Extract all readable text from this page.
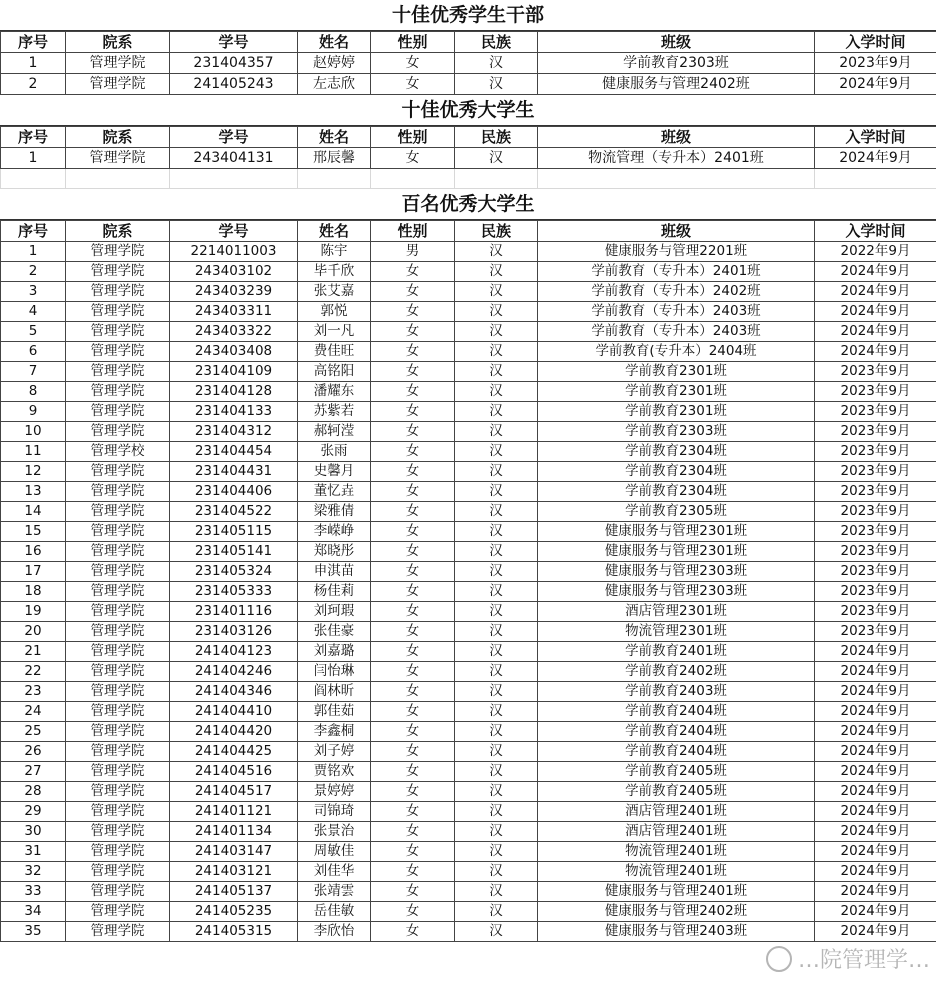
十佳优秀学生干部
序号	院系	学号	姓名	性别	民族	班级	入学时间
1	管理学院	231404357	赵婷婷	女	汉	学前教育2303班	2023年9月
2	管理学院	241405243	左志欣	女	汉	健康服务与管理2402班	2024年9月
十佳优秀大学生
序号	院系	学号	姓名	性别	民族	班级	入学时间
1	管理学院	243404131	邢辰馨	女	汉	物流管理（专升本）2401班	2024年9月

百名优秀大学生
序号	院系	学号	姓名	性别	民族	班级	入学时间
1	管理学院	2214011003	陈宇	男	汉	健康服务与管理2201班	2022年9月
2	管理学院	243403102	毕千欣	女	汉	学前教育（专升本）2401班	2024年9月
3	管理学院	243403239	张艾嘉	女	汉	学前教育（专升本）2402班	2024年9月
4	管理学院	243403311	郭悦	女	汉	学前教育（专升本）2403班	2024年9月
5	管理学院	243403322	刘一凡	女	汉	学前教育（专升本）2403班	2024年9月
6	管理学院	243403408	费佳旺	女	汉	学前教育(专升本）2404班	2024年9月
7	管理学院	231404109	高铭阳	女	汉	学前教育2301班	2023年9月
8	管理学院	231404128	潘耀东	女	汉	学前教育2301班	2023年9月
9	管理学院	231404133	苏紫若	女	汉	学前教育2301班	2023年9月
10	管理学院	231404312	郝轲滢	女	汉	学前教育2303班	2023年9月
11	管理学校	231404454	张雨	女	汉	学前教育2304班	2023年9月
12	管理学院	231404431	史馨月	女	汉	学前教育2304班	2023年9月
13	管理学院	231404406	董忆垚	女	汉	学前教育2304班	2023年9月
14	管理学院	231404522	梁雅倩	女	汉	学前教育2305班	2023年9月
15	管理学院	231405115	李嵘峥	女	汉	健康服务与管理2301班	2023年9月
16	管理学院	231405141	郑晓彤	女	汉	健康服务与管理2301班	2023年9月
17	管理学院	231405324	申淇苗	女	汉	健康服务与管理2303班	2023年9月
18	管理学院	231405333	杨佳莉	女	汉	健康服务与管理2303班	2023年9月
19	管理学院	231401116	刘珂瑕	女	汉	酒店管理2301班	2023年9月
20	管理学院	231403126	张佳豪	女	汉	物流管理2301班	2023年9月
21	管理学院	241404123	刘嘉璐	女	汉	学前教育2401班	2024年9月
22	管理学院	241404246	闫怡琳	女	汉	学前教育2402班	2024年9月
23	管理学院	241404346	阎林昕	女	汉	学前教育2403班	2024年9月
24	管理学院	241404410	郭佳茹	女	汉	学前教育2404班	2024年9月
25	管理学院	241404420	李鑫桐	女	汉	学前教育2404班	2024年9月
26	管理学院	241404425	刘子婷	女	汉	学前教育2404班	2024年9月
27	管理学院	241404516	贾铭欢	女	汉	学前教育2405班	2024年9月
28	管理学院	241404517	景婷婷	女	汉	学前教育2405班	2024年9月
29	管理学院	241401121	司锦琦	女	汉	酒店管理2401班	2024年9月
30	管理学院	241401134	张景治	女	汉	酒店管理2401班	2024年9月
31	管理学院	241403147	周敏佳	女	汉	物流管理2401班	2024年9月
32	管理学院	241403121	刘佳华	女	汉	物流管理2401班	2024年9月
33	管理学院	241405137	张靖雲	女	汉	健康服务与管理2401班	2024年9月
34	管理学院	241405235	岳佳敏	女	汉	健康服务与管理2402班	2024年9月
35	管理学院	241405315	李欣怡	女	汉	健康服务与管理2403班	2024年9月
…院管理学…
